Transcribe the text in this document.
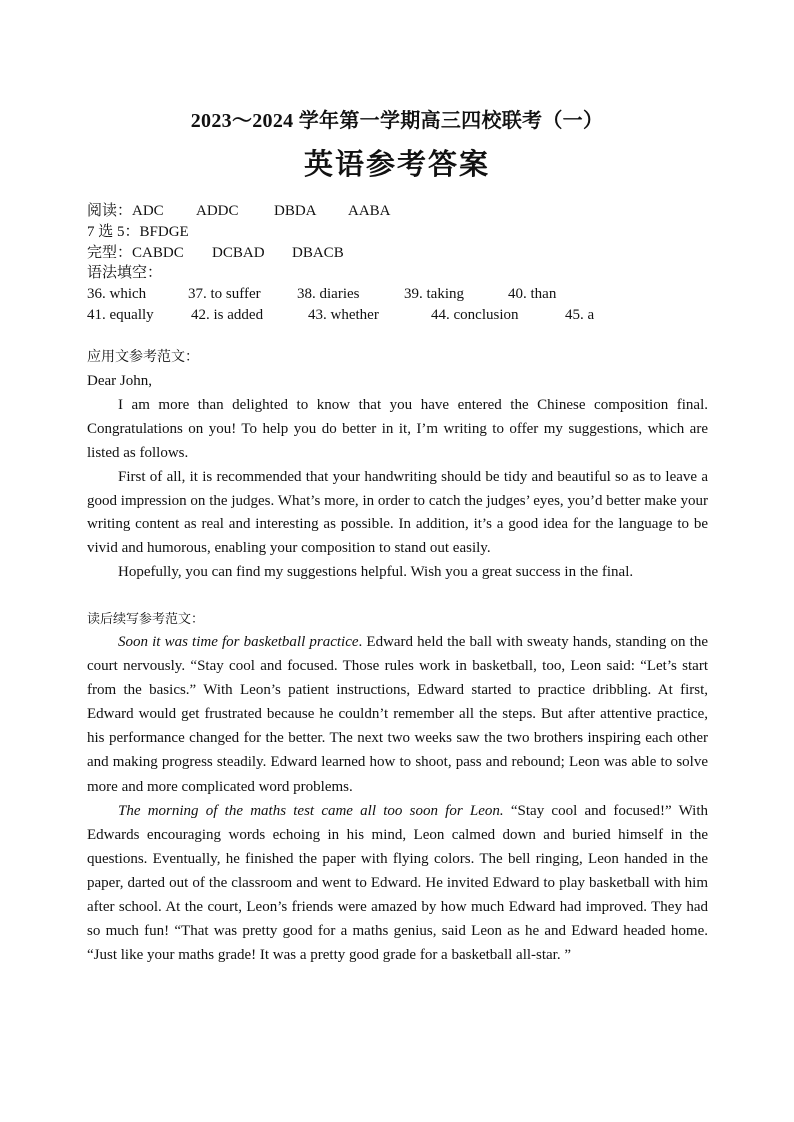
2023～2024 学年第一学期高三四校联考（一）
英语参考答案
阅读：ADC ADDC DBDA AABA
7 选 5：BFDGE
完型：CABDC DCBAD DBACB
语法填空：
36. which	37. to suffer 38. diaries	39. taking	40. than
41. equally 42. is added	43. whether	44. conclusion	45. a
应用文参考范文：

Dear John,

I am more than delighted to know that you have entered the Chinese composition final. Congratulations on you! To help you do better in it, I’m writing to offer my suggestions, which are listed as follows.

First of all, it is recommended that your handwriting should be tidy and beautiful so as to leave a good impression on the judges. What’s more, in order to catch the judges’ eyes, you’d better make your writing content as real and interesting as possible. In addition, it’s a good idea for the language to be vivid and humorous, enabling your composition to stand out easily.

Hopefully, you can find my suggestions helpful. Wish you a great success in the final.

读后续写参考范文：

Soon it was time for basketball practice. Edward held the ball with sweaty hands, standing on the court nervously. “Stay cool and focused. Those rules work in basketball, too, Leon said: “Let’s start from the basics.” With Leon’s patient instructions, Edward started to practice dribbling. At first, Edward would get frustrated because he couldn’t remember all the steps. But after attentive practice, his performance changed for the better. The next two weeks saw the two brothers inspiring each other and making progress steadily. Edward learned how to shoot, pass and rebound; Leon was able to solve more and more complicated word problems.

The morning of the maths test came all too soon for Leon. “Stay cool and focused!” With Edwards encouraging words echoing in his mind, Leon calmed down and buried himself in the questions. Eventually, he finished the paper with flying colors. The bell ringing, Leon handed in the paper, darted out of the classroom and went to Edward. He invited Edward to play basketball with him after school. At the court, Leon’s friends were amazed by how much Edward had improved. They had so much fun! “That was pretty good for a maths genius, said Leon as he and Edward headed home. “Just like your maths grade! It was a pretty good grade for a basketball all-star. ”
